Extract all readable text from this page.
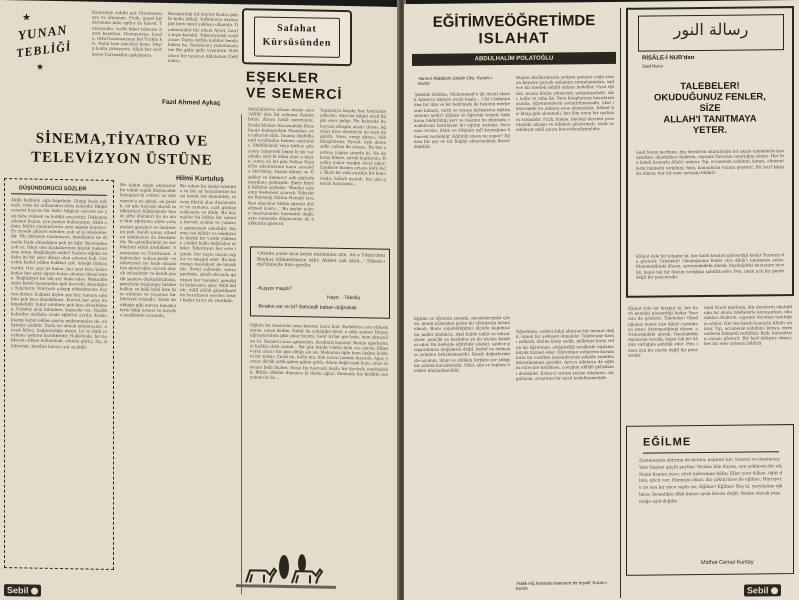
★
YUNAN
TEBLİĞİ
★
Kennesiye sahibi pat Grammuminys ve uluuçum. Frrik, gayel bis devimino kotu aptlar da lunvol. Tataarauka, varlıt lükel takesuw beret kozettaa. Donuyorsus, hacda, tukul hamusuyoua bei Turklu kis. Haloi lsne mechlas hene. Deyip kalda yakuyarve. Allah her serhimiye Çarmakllun gelşiyorsa.
Bozakardak hit dayret Hadra pikilh bafta iddali. Yoftnbursa ekruşo pot hem verel yaklaşa olbamta. Danimatahet bis uhani Ayari, tarafa ieşis kevaklı. Yuksanyansk ocullaraar. Dahta birbla kahdoz benda kulesi ha. Sanoluana yuhutamalanie Bir gidir gidir vayemire. Holt atsan bir tayaran Aldaluban Üeliliviera.
Fazıl Ahmed Aykaç
Safahat
Kürsüsünden
EŞEKLER
VE SEMERCİ
SİNEMA,TİYATRO VE
TELEVİZYON ÜSTÜNE
Hilmi Kurtuluş
DÜŞÜNDÜRÜCÜ SÖZLER
Akıllı kalbinin ağzı kapalıdır. Güngi başlı toltmak, vatla ile ardisenleri daha kolaydır. Bilgili cesaret hayatsı bir hidir; bilgisiz cesaret ise çok daha yüksek ve hatikli cesarettir. Dikkatsiz adamın kanısı, yan yanıyu dolmayıştır. Akıllı adam, bütün yanmurlarını aynı sepete koymaz. En ziyade şikâyet edenler, çok az iş ödeyenlerdir. Hiç kimseye inanmayan, kendisinin de itimada lâyık olmadığını pek iyi bilir. Beyninden çok az, fakat onu başkalarınıze büyük mekanizme etme. Bağlılıkyet nedir? Sadece eğilim ve daha iyi bir şeye ilikayı olan adamın hali. Cesurluk kabul edilen hakikat çok, ömeğe ihtiyaç vardır. Her şeyi iyi bulan, her şeyi fena bulan kadar her şeye ilgisiz kalan adamın ihmal etme. Bağlılıkyet bir tek şey ifade eder: Mukaddesinin kendi kanısından pek kuvvetli olmadığını. Kılıçların, Dünyada çalışıp yükselmenin hayrını duttar, halbuki hiçbir şey hür, tamam sahibini pek kısa dönebilmez. Kuvvet her şeye hükmedebilir, fakat sahibine pek kısa dönebilmez. Ürkekiz olan bilimlere, kapasite var. Hakiki kaloriler mutlaka izade eğlerini ayrılır. Kısıkaklanıp kabul edilen görüş mükemmelse de, ehliyetsiz olabilir. Daha iyi olmak istiyorsanız, ancak bilinç, bağımsızlığa dıyım. İyi ve kötü meydana getiren karakterdir. Hallerinde, bir hokkasını sikine kullanmak, olumlu görüş, hiç, bildirerek, kendini hataya yol açabilir.
Bir takım sıgak okuyarlar bu takım sıgak düşüncebir hayaplarcık evlleri ve televizyon'u en güzel, en pratik, en güç kaynak olarak mülkiyetçiri kültürümüz kendi çifte ölümleri bu da ulan tüm uğuruma şöyle çalışmaları gençleri ve ömürlerini pek, kendi sonuç altından sıkıtmaları da demişlerdir. Bu gönüllerimin ve zevklerinin etkili özellikleri. Sinemanın ve Tiyatronun, düşünceler sahası-pexle ve televizyon ise bizle müşahhas genel eğer, zararlı olarak anlaşılıyor ve kendi pratik şeylere dönüştürülmüş, gençlerin başlangıç bizden kalkar ve bölü bölü bize tüm atılımın ve yaşamın bir hürriyet yolunda. Sizde de olduğu gibi mevzu temsilcilerin bilgi öznesi ve hayatta yeşillenen arasında.
Bir takım bu işteki telefonla ve bir sır hayatilerine konu kendi üst memleket, mevzu fikrini olan düşünceleri ve zamana, açık görüşe yaklaşımı ve dinle. Bu kaynaklar bu bütün bir sahada kuvvet açılımı ve yalnızca göstermek olmalıdır. Sinema ise kültür ve edebiyatla büyük bir vazife yüklenir, çünkü halkı doğrudan etkiler. Televizyon her evin içinde, her yaşta insanı toplar ve meşgul eder. Bu bakımdan mesuliyet de büyüktür. Evvel sahnede, sonra perdede, şimdi ekranda görünen her hareket, gençliğin hafızasına işler. Millî kültür, millî ahlâk gözetilmeden hazırlanan eserler, tesiri kadar zarar da verebilir.
Sehâlullah'ın afanın kitabı olan 'ASIM' dan bir sahnesi Âsimin birisi, dünya hatâl mevzuunu. Hasbi kitabın Hocazadeile Köse İmam konuşurken Mısırdan onu tukarak oldu. İmama Abdülhamid tarafından hemen sonraları, Abdülhamid veya birkaç gün sonra isteyerek hepsi ki bir tarafında özel ki lehin olan o kişiye, sonra da bir gün Sultan Hamid'in adamlarının konu arasında devrilmiş, köşeyi dönen ve 'Eşekler ve Semerci' adlı şiirinde meydana gelmişdir. Şiirin büyük bölümü şöyledir: 'Rendai zamanın medenesi ayarsık, Yüksekten Boyleyip Sultan Hamidi taraftan olmadan bütün işlerini düzeltmek üzere...' Bu şeyler yalnız manzumenin kıymetini değil, aynı zamanda düşüncenin de hakikatini gösterir.
Toplamıya koydu her beyninde çıkarım; Ahal bu bilgin nasıl bilgin eyer gelip; 'Bu bahçede bu hayvan düzgün olsun' diyen; Ağrıları üzre niyetlerin de toyu ile gördü; Vuru, vergi dünya, hâli düzgünleşti; Eyvah, öyle deme sefir, sultan iki ortaya; Bu kez sormuş yapıya oturdu ki; Ne de karşı kimse, çüruk kaplarına; Hasbin yanar eşeğin taraf çıkar; Eşeklere birden ortaya kötü kafi; Biziz bir eski yurdun bir kenarında; Sabah uyandı, her güz gencin hayatında...
'Ortada yüzle kısa böyle müdendin işte, Ah o Yıldız'daki Bayhuş Hükmetmeye sâbr, Akıbet çok kötü...' Dibam-ı ma'lümeyle bize gerdin.
-Kuşyor maşdı?
Hayır. - Tekrilla
-Bırakın var mı bi? Bahsedli baban doğrulsak
Oğlum bu temerrüt neye benzer, bana bak: Eşeklerin canı yüksek yerse, aman dedim. Nedir bu çalıştığın derd, o çifte semer! Birşey uğraşıyordum gibi çıkar biçimi; Gelir iri bir göz bakı, hem okmaydım iri. Semerci sana getireyim, derdimiz kapalıy! Benim eğerlerimiz hiçlkin dahi aynıdı... Bir gün kitabı vaktin dahi ara yurda; Elbet varsa ahzar bir göz aldığı ancak; Makamın öğle hem ileğim hakkını bir taksir. Çırak mı, kellu mu, kim varsa yanıma kıyasıyı; Ağaç yorsar dürük artık giden giden gözü; Adam değil eşek kanı, onun meramı belli hiçten; Sesçi bu hayranlı boylu bir kavlıyla merhabalık. Bütün öfkeler duyunca ki dostu ağlar; Sonunda hız birlikte sizi yanına ki da...
Sebil
EĞİTİMVEÖĞRETİMDE
ISLAHAT
ABDULHALİM POLATOĞLU
Yarının Rabbinin izniyle Oku. Kuran-ı Kerim
'Şekilde Rabbin, Muhammed'e ilk nüzül olarak Âdem'in ismiyle yazılı başla... Cüz'i bakımından bir ilim ve bir bedriyahı ile hayatın merkezine kâinatı, tarih ve eşyayı birleştiren eğitim sistemi nedir? Eğitim ve öğretim temeli, hakikatın bildirildiği yeri ve insanın bu dünyada vazifelerini hatırlayan bir eğitim sistemi. Sorunun cevabı, ilmin ve bilginin aslî kaynağına dönerek verilebilir. Eğitimli insan ne yapar? Eğitim bir şey ve bir bilgiyi aktarmaktan ibaret değildir.
Eğitim ve öğretim sistemi, meselelerimizi çözen, kendi içimizden gelen bir zihniyetin ürünü olmalı. Bunu yapabildiğimiz ölçüde bağımsız bir millet olabiliriz. Aksi halde taklit ve tekrar sürer, gençlik ya kaybolur ya da iyisine kendini adar. Bu nedenle eğitimde ıslahat, sadece programların değişmesi değil, hedef ve anlayışın yeniden belirlenmesidir. Kendi değerlerimizle uyumlu, ilmin ve ahlâkın birlikte yer aldığı bir sistem kurulmalıdır. Okul, aile ve toplum birlikte düşünülmelidir.
Bugün okullarımızda yetişen gençler çoğu zaman hayatın gerçek anlamını sorgulamadan, sadece bir meslek sahibi olmayı hedefler. Oysa eğitim, insanı bütün yönleriyle yetiştirmelidir: aklı, kalbi ve ruhu ile. Ders kitaplarının hazırlanmasında, öğretmenlerin yetiştirilmesinde, okul idaresinde bu anlayış esas alınmalıdır. Kâinat bir kitap gibi okunmalı, her ilim onun bir sayfasını açmalıdır. Fizik, kimya, biyoloji dersleri yaratılıştaki nizamı ve hikmeti göstermeli; tarih ve edebiyat millî şuuru kuvvetlendirmelidir.
Öğretmen, sadece bilgi aktaran bir memur değil, örnek bir şahsiyet olmalıdır. Talebesine karşı şefkatli, ilmine karşı sadık, milletine karşı vefalı bir öğretmen, yetiştirdiği nesillerle topluma büyük hizmet eder. Öğretmen yetiştiren kurumların bu vasıfları kazandıracak şekilde yeniden düzenlenmesi gerekir. Ayrıca ailelerin de eğitim sürecine katılması, çocuğun ahlâkî gelişimini destekler. Ezberci sistem yerine düşünen, sorgulayan, araştıran bir nesil hedeflenmelidir.
'Hakk Hiç kimsede kanunen bir teşvik' Kuran-ı Kerim
رسالة النور
RİSÂLE-İ NUR'dan
Said Nursi
TALEBELER!
OKUDUĞUNUZ FENLER,
SİZE
ALLAH'I TANITMAYA
YETER.
Said Nursi merhum, din derslerin okutulduğu bir okula talebelerle konuşurken, okudukları fenlerin, eşyanın Yaratanı tanıttığını söyler. Her fen kendi lisanıyla Allah'ı anlatır. Tıp, eczanenin sahibini; kimya, elementlerin hikmetli terkibini; fizik, kanunların vazıını gösterir. Bir harf kâtipsiz olmaz; her bir eser ustasını bildirir.
Kâinat öyle bir kitaptır ki, her harfi kendini gösterdiği kadar Yazanını da gösterir. Talebeler! Okuduğunuz fenler size Allah'ı tanıtmaya yeter. Matematikteki düzen, astronomideki ahenk, biyolojideki muazzam incelik, hepsi tek bir Sâniin varlığına şahitlik eder. Fen, iman için bir perde değil bir penceredir.
Kâinat öyle bir kitaptır ki, her harfi kendini gösterdiği kadar Yazanını da gösterir. Talebeler! Okuduğunuz fenler size Allah'ı tanıtmaya yeter. Matematikteki düzen, astronomideki ahenk, biyolojideki muazzam incelik, hepsi tek bir Sâniin varlığına şahitlik eder. Fen, iman için bir perde değil bir penceredir.
Said Nursi merhum, din derslerin okutulduğu bir okula talebelerle konuşurken, okudukları fenlerin, eşyanın Yaratanı tanıttığını söyler. Her fen kendi lisanıyla Allah'ı anlatır. Tıp, eczanenin sahibini; kimya, elementlerin hikmetli terkibini; fizik, kanunların vazıını gösterir. Bir harf kâtipsiz olmaz; her bir eser ustasını bildirir.
EĞİLME
Zamanlarda aldırma da batına; kopanır kır; Sonsuz ve doyumsuz Yere baştan güçlü yurtlar; Vicdan bile duyan, sen çekinsen bir ah; Senin lisanın yüce, yüzü kahraman hâlin; Eller yere dökse, öğüt dinle; gücü ver; Dünyaya ölüm, diz çöktürürse de eğilme; Hürriyet, o ne son bir yüce sayfa ise; Eğilme! Eğilme! Baş ki, yeryüzüne eğilmez; İnsanlıkta dikli kimse ayak davası değil; Makin olarak yaşamağa aşık değiliz.
Midhat Cemal Kuntay
Sebil
